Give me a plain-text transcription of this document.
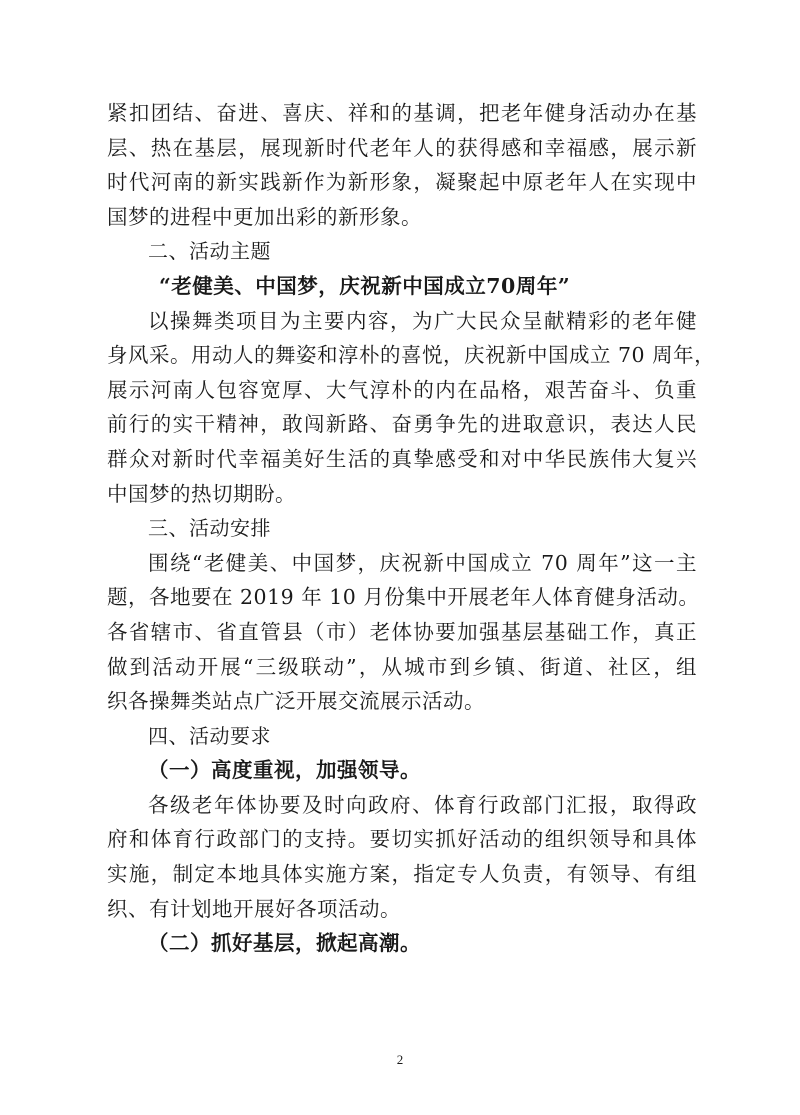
紧扣团结、奋进、喜庆、祥和的基调，把老年健身活动办在基
层、热在基层，展现新时代老年人的获得感和幸福感，展示新
时代河南的新实践新作为新形象，凝聚起中原老年人在实现中
国梦的进程中更加出彩的新形象。
二、活动主题
“老健美、中国梦，庆祝新中国成立70周年”
以操舞类项目为主要内容，为广大民众呈献精彩的老年健
身风采。用动人的舞姿和淳朴的喜悦，庆祝新中国成立 70 周年，
展示河南人包容宽厚、大气淳朴的内在品格，艰苦奋斗、负重
前行的实干精神，敢闯新路、奋勇争先的进取意识，表达人民
群众对新时代幸福美好生活的真挚感受和对中华民族伟大复兴
中国梦的热切期盼。
三、活动安排
围绕“老健美、中国梦，庆祝新中国成立 70 周年”这一主
题，各地要在 2019 年 10 月份集中开展老年人体育健身活动。
各省辖市、省直管县（市）老体协要加强基层基础工作，真正
做到活动开展“三级联动”，从城市到乡镇、街道、社区，组
织各操舞类站点广泛开展交流展示活动。
四、活动要求
（一）高度重视，加强领导。
各级老年体协要及时向政府、体育行政部门汇报，取得政
府和体育行政部门的支持。要切实抓好活动的组织领导和具体
实施，制定本地具体实施方案，指定专人负责，有领导、有组
织、有计划地开展好各项活动。
（二）抓好基层，掀起高潮。
2
